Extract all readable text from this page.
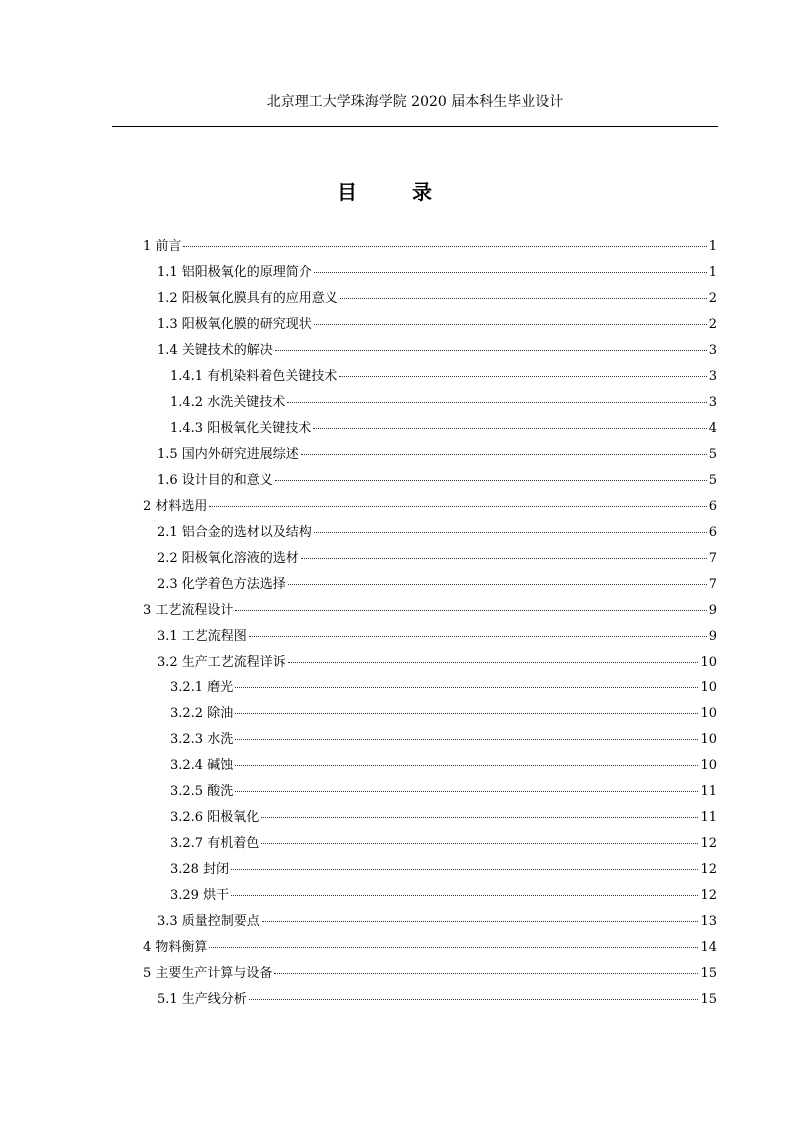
北京理工大学珠海学院 2020 届本科生毕业设计
目 录
1 前言	1
1.1 铝阳极氧化的原理简介	1
1.2 阳极氧化膜具有的应用意义	2
1.3 阳极氧化膜的研究现状	2
1.4 关键技术的解决	3
1.4.1 有机染料着色关键技术	3
1.4.2 水洗关键技术	3
1.4.3 阳极氧化关键技术	4
1.5 国内外研究进展综述	5
1.6 设计目的和意义	5
2 材料选用	6
2.1 铝合金的选材以及结构	6
2.2 阳极氧化溶液的选材	7
2.3 化学着色方法选择	7
3 工艺流程设计	9
3.1 工艺流程图	9
3.2 生产工艺流程详诉	10
3.2.1 磨光	10
3.2.2 除油	10
3.2.3 水洗	10
3.2.4 碱蚀	10
3.2.5 酸洗	11
3.2.6 阳极氧化	11
3.2.7 有机着色	12
3.28 封闭	12
3.29 烘干	12
3.3 质量控制要点	13
4 物料衡算	14
5 主要生产计算与设备	15
5.1 生产线分析	15
